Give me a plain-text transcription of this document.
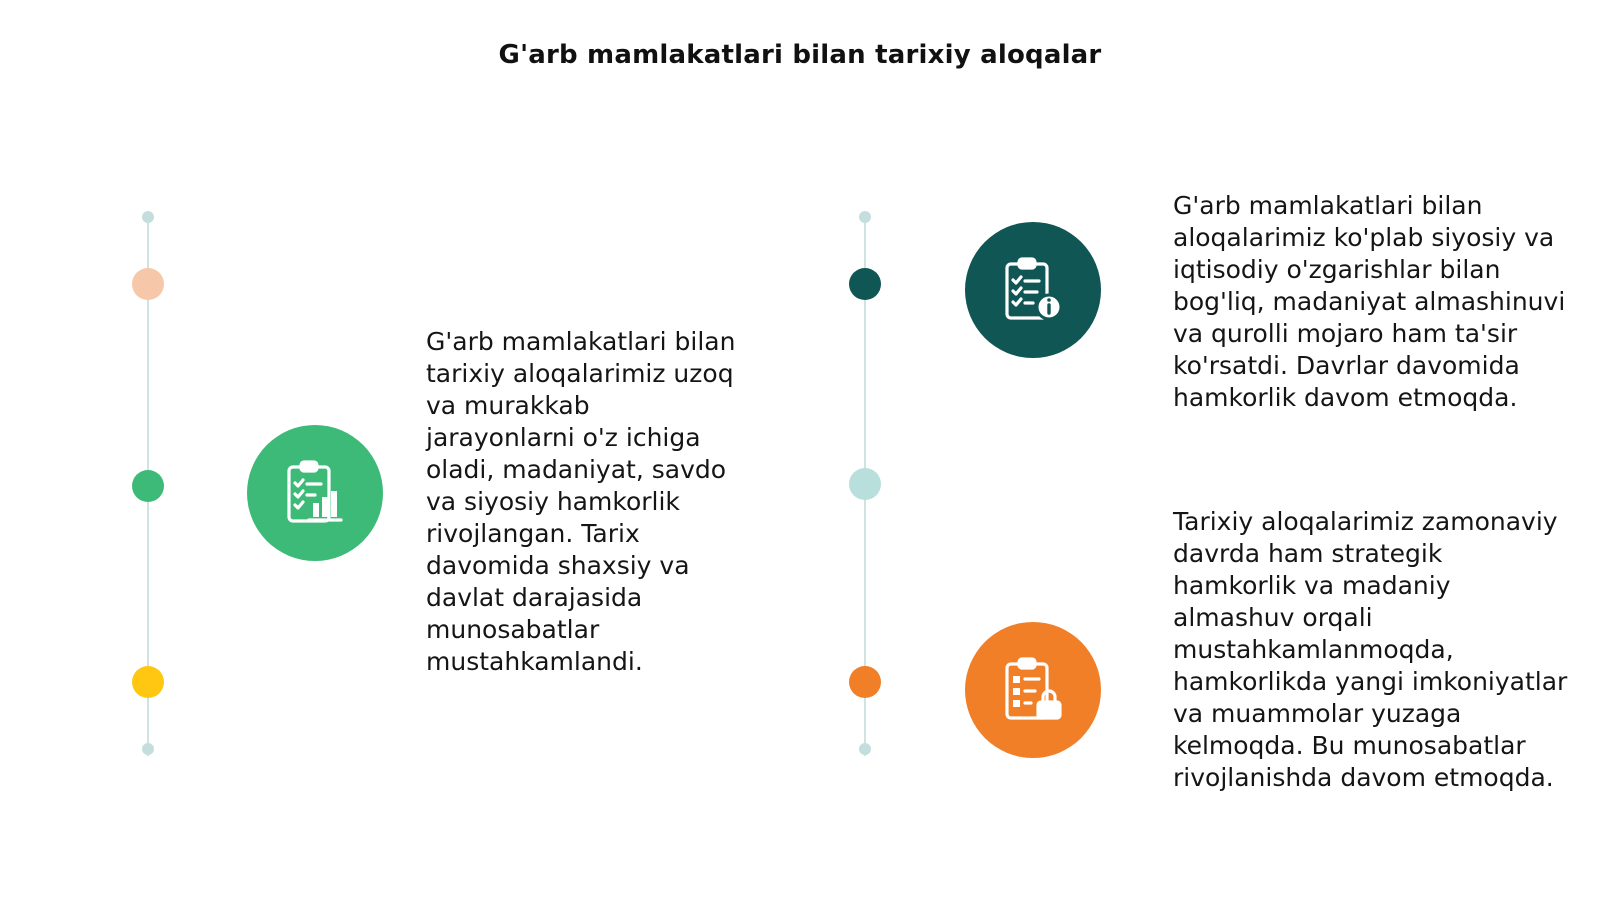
G'arb mamlakatlari bilan tarixiy aloqalar

G'arb mamlakatlari bilan tarixiy aloqalarimiz uzoq va murakkab jarayonlarni o'z ichiga oladi, madaniyat, savdo va siyosiy hamkorlik rivojlangan. Tarix davomida shaxsiy va davlat darajasida munosabatlar mustahkamlandi.

G'arb mamlakatlari bilan aloqalarimiz ko'plab siyosiy va iqtisodiy o'zgarishlar bilan bog'liq, madaniyat almashinuvi va qurolli mojaro ham ta'sir ko'rsatdi. Davrlar davomida hamkorlik davom etmoqda.

Tarixiy aloqalarimiz zamonaviy davrda ham strategik hamkorlik va madaniy almashuv orqali mustahkamlanmoqda, hamkorlikda yangi imkoniyatlar va muammolar yuzaga kelmoqda. Bu munosabatlar rivojlanishda davom etmoqda.
